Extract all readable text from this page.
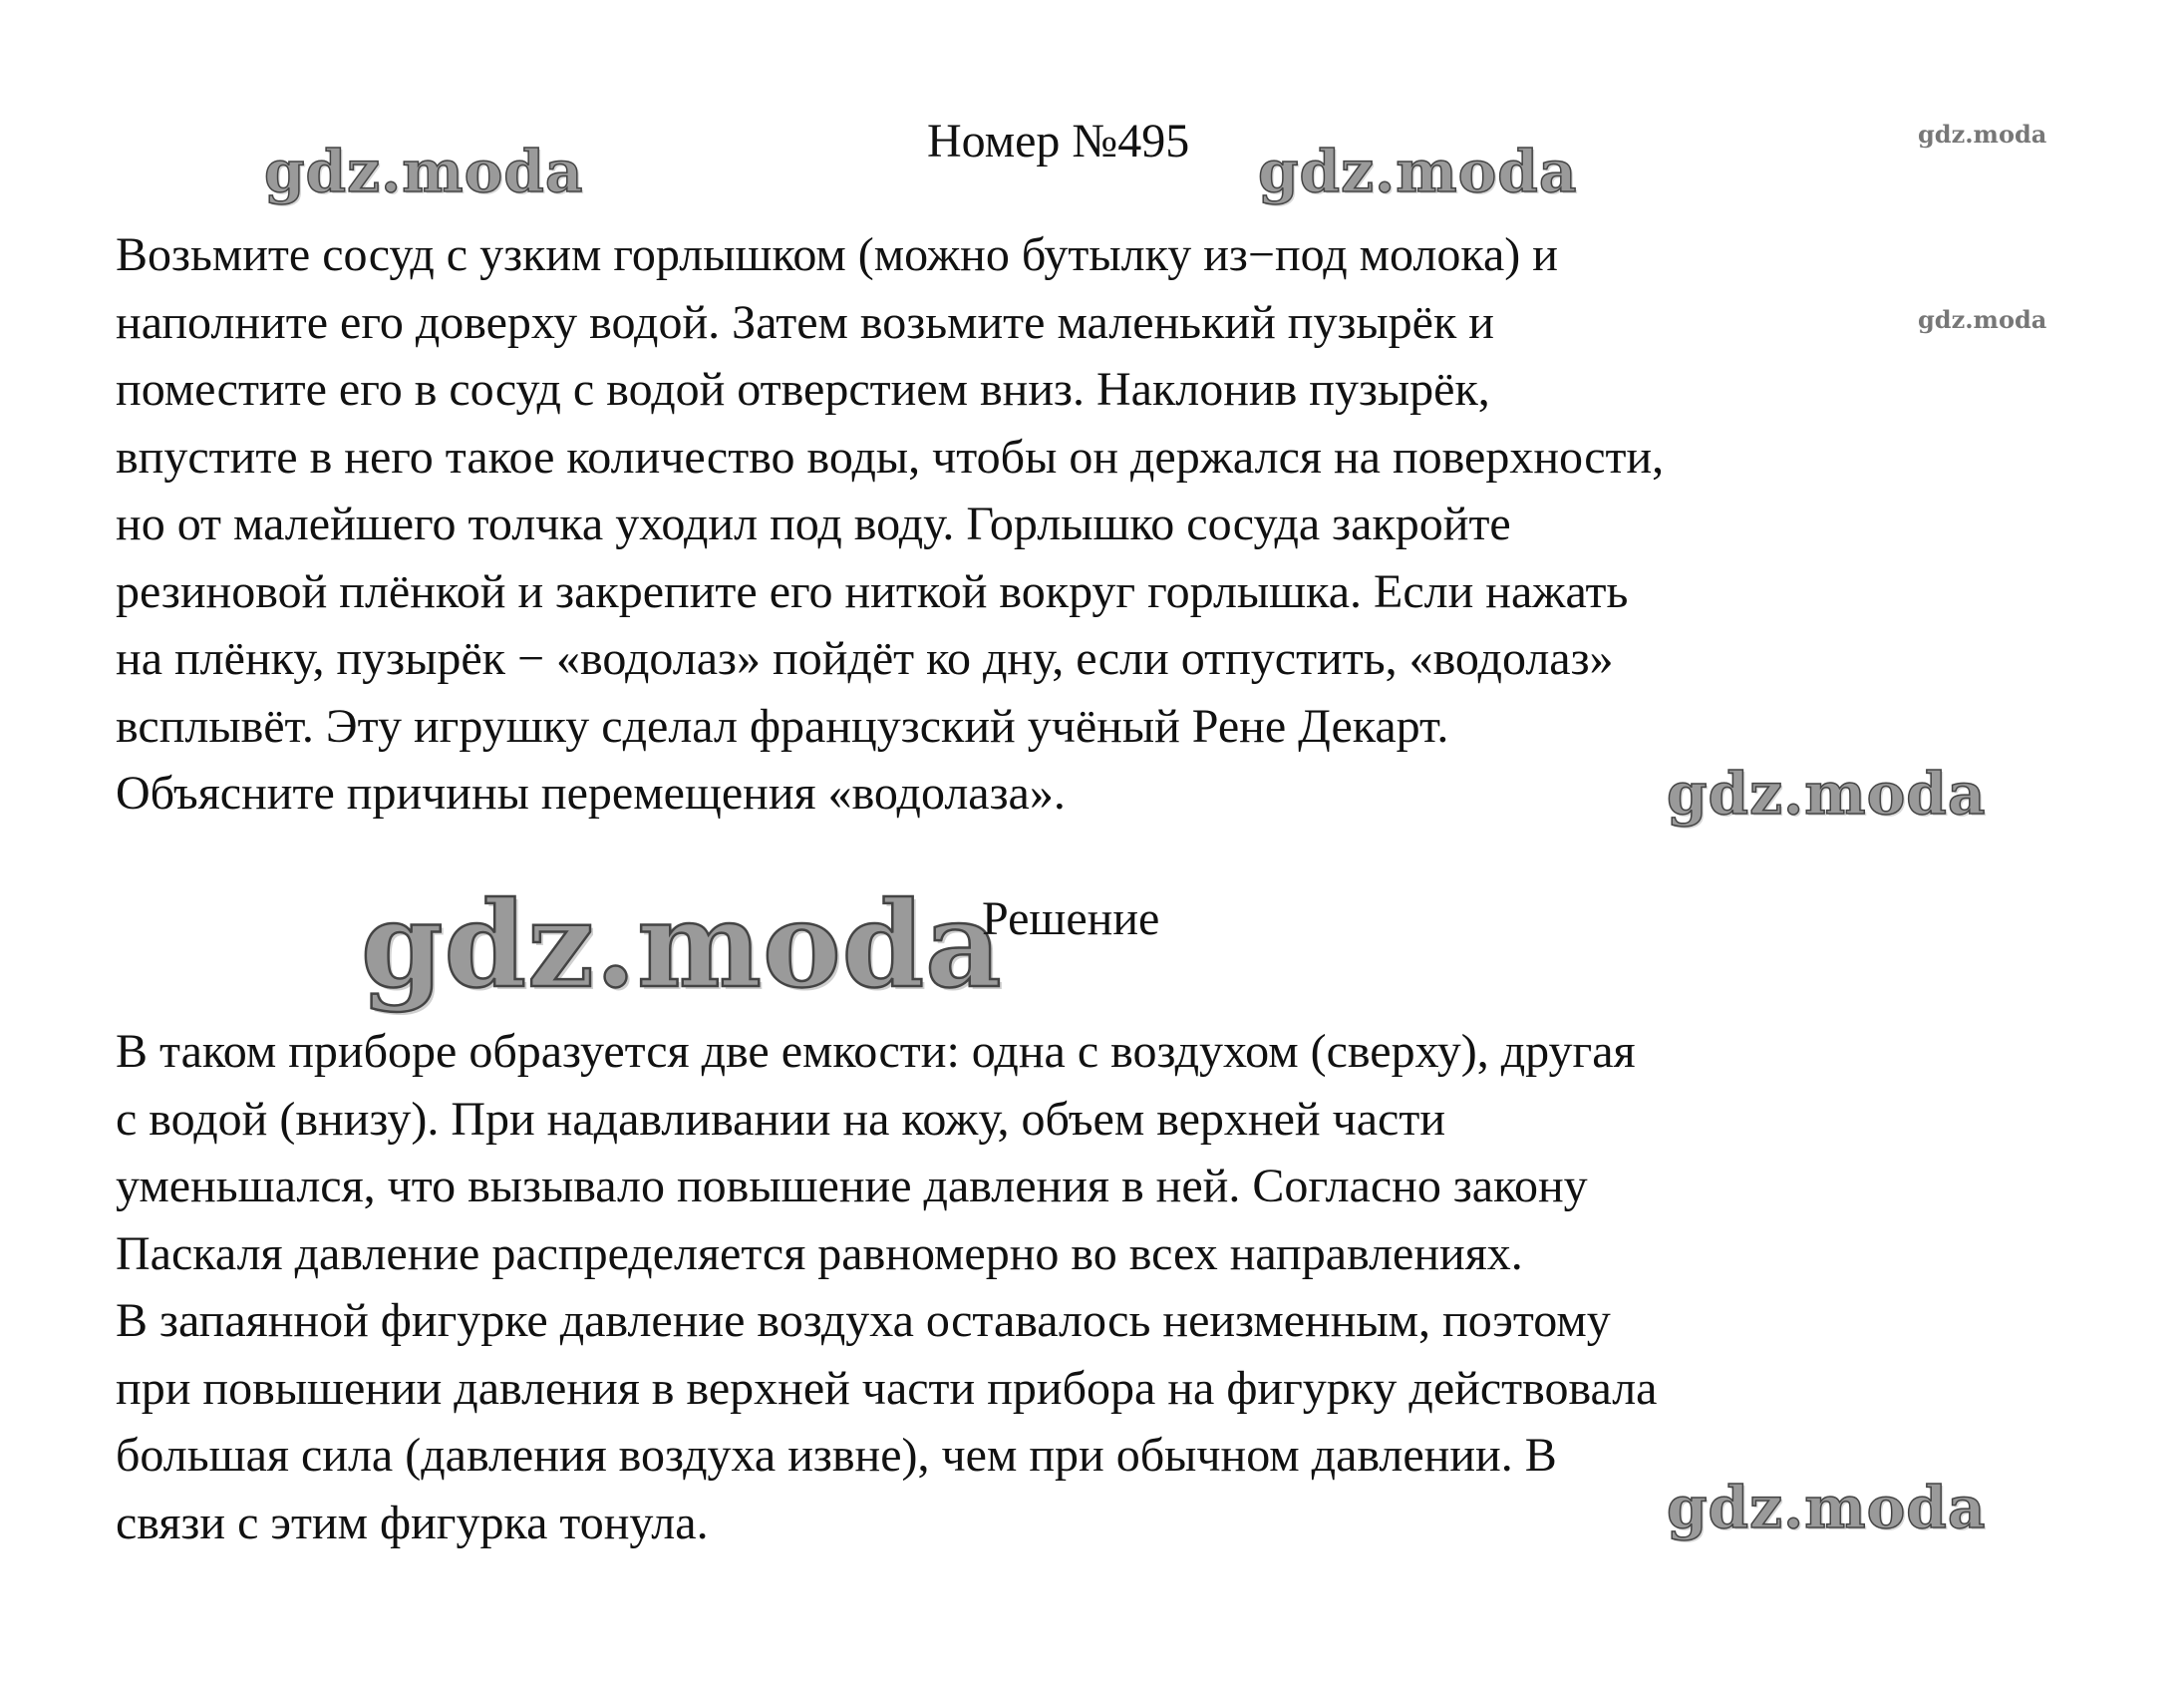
gdz.moda	gdz.moda
gdz.moda
gdz.moda
gdz.moda
gdz.moda
gdz.moda
Номер №495
Возьмите сосуд с узким горлышком (можно бутылку из−под молока) и
наполните его доверху водой. Затем возьмите маленький пузырёк и
поместите его в сосуд с водой отверстием вниз. Наклонив пузырёк,
впустите в него такое количество воды, чтобы он держался на поверхности,
но от малейшего толчка уходил под воду. Горлышко сосуда закройте
резиновой плёнкой и закрепите его ниткой вокруг горлышка. Если нажать
на плёнку, пузырёк − «водолаз» пойдёт ко дну, если отпустить, «водолаз»
всплывёт. Эту игрушку сделал французский учёный Рене Декарт.
Объясните причины перемещения «водолаза».
Решение
В таком приборе образуется две емкости: одна с воздухом (сверху), другая
с водой (внизу). При надавливании на кожу, объем верхней части
уменьшался, что вызывало повышение давления в ней. Согласно закону
Паскаля давление распределяется равномерно во всех направлениях.
В запаянной фигурке давление воздуха оставалось неизменным, поэтому
при повышении давления в верхней части прибора на фигурку действовала
большая сила (давления воздуха извне), чем при обычном давлении. В
связи с этим фигурка тонула.
